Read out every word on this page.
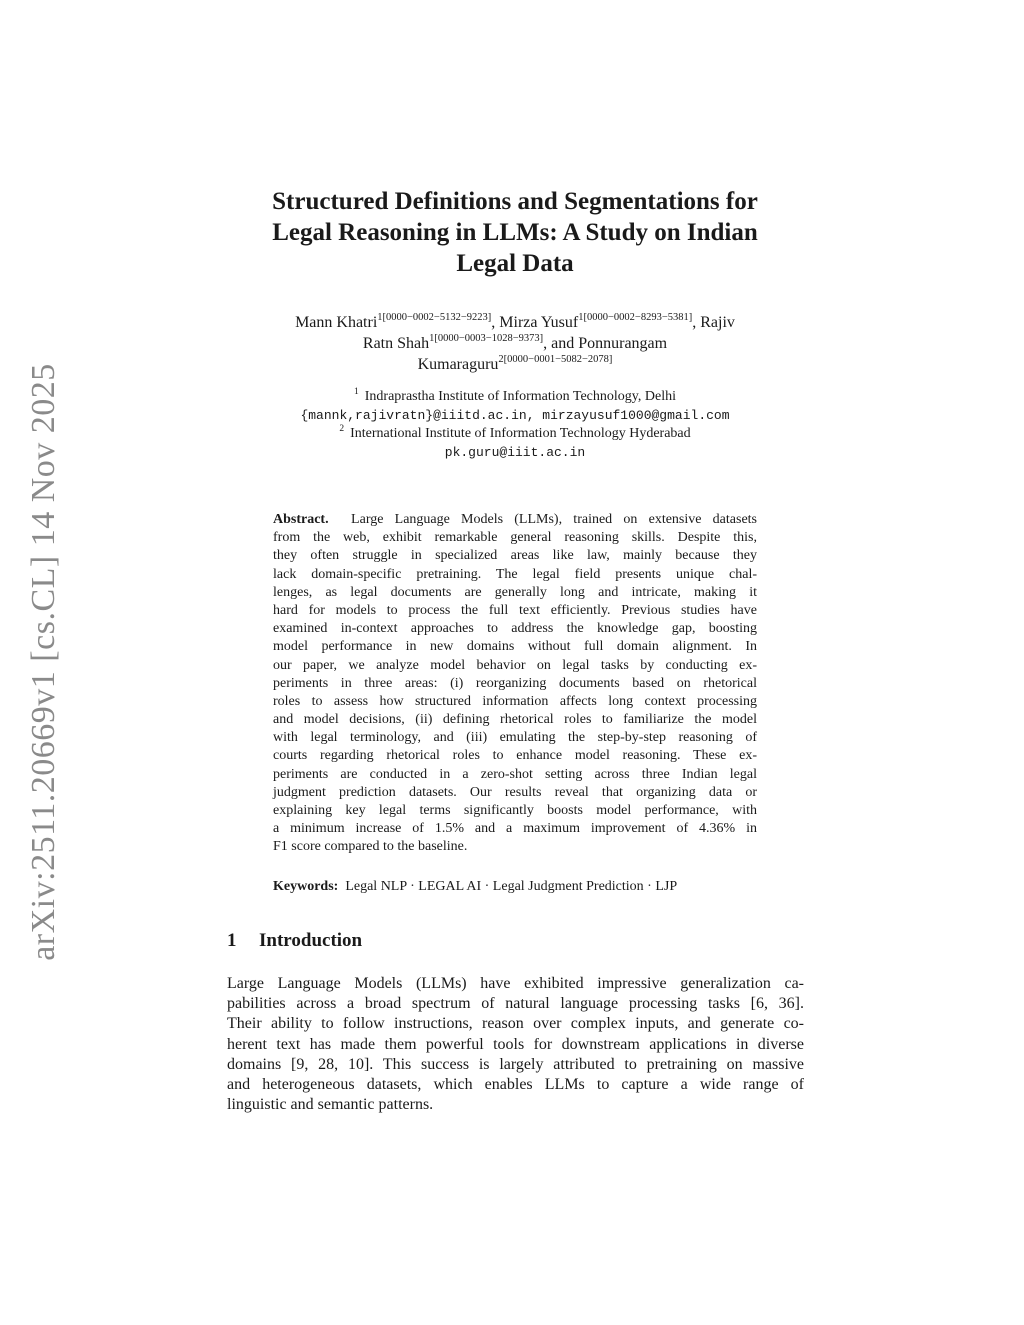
arXiv:2511.20669v1 [cs.CL] 14 Nov 2025
Structured Definitions and Segmentations for
Legal Reasoning in LLMs: A Study on Indian
Legal Data
Mann Khatri$^{1[0000-0002-5132-9223]}$, Mirza Yusuf$^{1[0000-0002-8293-5381]}$, Rajiv
Ratn Shah$^{1[0000-0003-1028-9373]}$, and Ponnurangam
Kumaraguru$^{2[0000-0001-5082-2078]}$
$^1$ Indraprastha Institute of Information Technology, Delhi
{mannk,rajivratn}@iiitd.ac.in, mirzayusuf1000@gmail.com
$^2$ International Institute of Information Technology Hyderabad
pk.guru@iiit.ac.in
Abstract. Large Language Models (LLMs), trained on extensive datasets
from the web, exhibit remarkable general reasoning skills. Despite this,
they often struggle in specialized areas like law, mainly because they
lack domain-specific pretraining. The legal field presents unique chal-
lenges, as legal documents are generally long and intricate, making it
hard for models to process the full text efficiently. Previous studies have
examined in-context approaches to address the knowledge gap, boosting
model performance in new domains without full domain alignment. In
our paper, we analyze model behavior on legal tasks by conducting ex-
periments in three areas: (i) reorganizing documents based on rhetorical
roles to assess how structured information affects long context processing
and model decisions, (ii) defining rhetorical roles to familiarize the model
with legal terminology, and (iii) emulating the step-by-step reasoning of
courts regarding rhetorical roles to enhance model reasoning. These ex-
periments are conducted in a zero-shot setting across three Indian legal
judgment prediction datasets. Our results reveal that organizing data or
explaining key legal terms significantly boosts model performance, with
a minimum increase of 1.5% and a maximum improvement of 4.36% in
F1 score compared to the baseline.
Keywords: Legal NLP · LEGAL AI · Legal Judgment Prediction · LJP
1 Introduction
Large Language Models (LLMs) have exhibited impressive generalization ca-
pabilities across a broad spectrum of natural language processing tasks [6, 36].
Their ability to follow instructions, reason over complex inputs, and generate co-
herent text has made them powerful tools for downstream applications in diverse
domains [9, 28, 10]. This success is largely attributed to pretraining on massive
and heterogeneous datasets, which enables LLMs to capture a wide range of
linguistic and semantic patterns.
